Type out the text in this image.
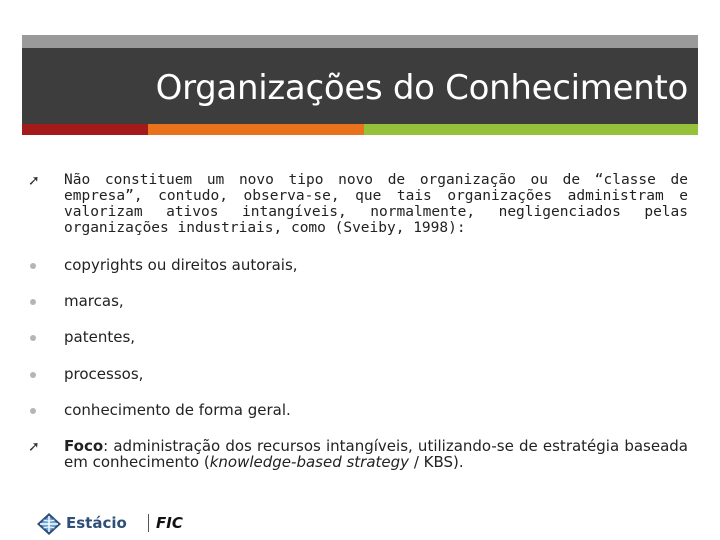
Organizações do Conhecimento
➚	Não constituem um novo tipo novo de organização ou de “classe de empresa”, contudo, observa-se, que tais organizações administram e valorizam ativos intangíveis, normalmente, negligenciados pelas organizações industriais, como (Sveiby, 1998):
copyrights ou direitos autorais,
marcas,
patentes,
processos,
conhecimento de forma geral.
➚	Foco: administração dos recursos intangíveis, utilizando-se de estratégia baseada em conhecimento (knowledge-based strategy / KBS).
Estácio FIC
